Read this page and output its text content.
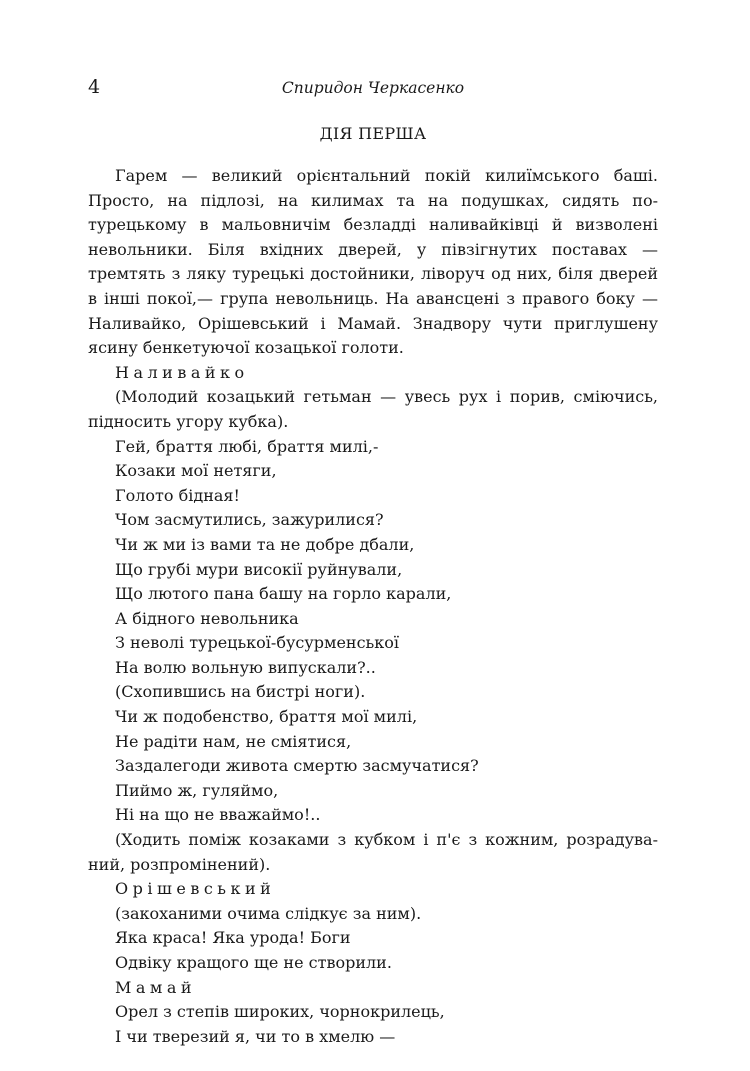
4	Спиридон Черкасенко
ДІЯ ПЕРША

Гарем — великий орієнтальний покій килиїмського баші. Просто, на підлозі, на килимах та на подушках, сидять по-турецькому в мальовничім безладді наливайківці й визволені невольники. Біля вхідних дверей, у півзігнутих поставах — тремтять з ляку турецькі достойники, ліворуч од них, біля дверей в інші покої,— група невольниць. На авансцені з правого боку — Наливайко, Орішевський і Мамай. Знадвору чути приглушену ясину бенкетуючої козацької голоти.

Наливайко

(Молодий козацький гетьман — увесь рух і порив, сміючись,
підносить угору кубка).

Гей, браття любі, браття милі,-

Козаки мої нетяги,

Голото бідная!

Чом засмутились, зажурилися?

Чи ж ми із вами та не добре дбали,

Що грубі мури високії руйнували,

Що лютого пана башу на горло карали,

А бідного невольника

З неволі турецької-бусурменської

На волю вольную випускали?..

(Схопившись на бистрі ноги).

Чи ж подобенство, браття мої милі,

Не радіти нам, не сміятися,

Заздалегоди живота смертю засмучатися?

Пиймо ж, гуляймо,

Ні на що не вважаймо!..

(Ходить поміж козаками з кубком і п'є з кожним, розрадува-
ний, розпромінений).

Орішевський

(закоханими очима слідкує за ним).

Яка краса! Яка урода! Боги

Одвіку кращого ще не створили.

Мамай

Орел з степів широких, чорнокрилець,

І чи тверезий я, чи то в хмелю —
